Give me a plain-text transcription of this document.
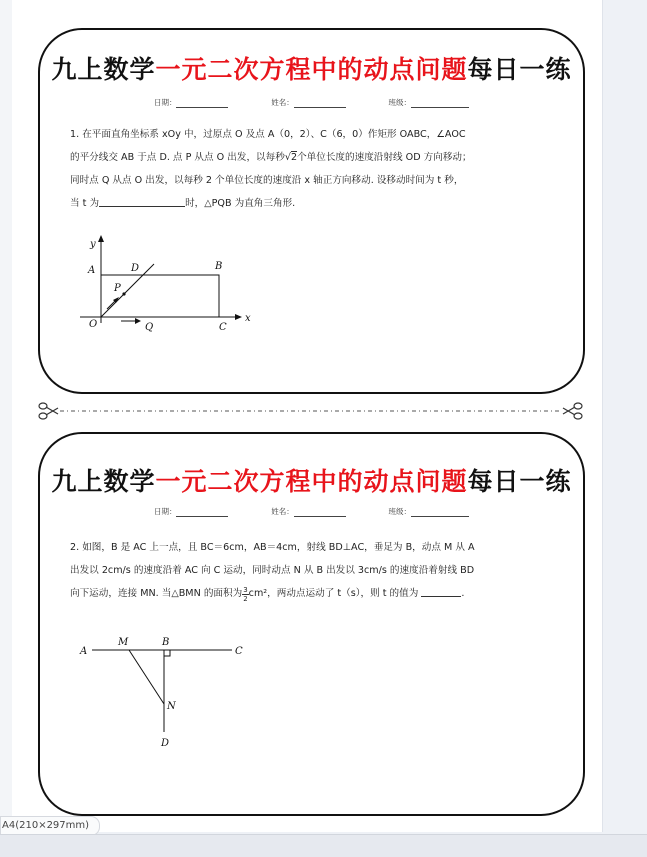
九上数学一元二次方程中的动点问题每日一练
日期：	姓名：	班级：
1. 在平面直角坐标系 xOy 中，过原点 O 及点 A（0，2）、C（6，0）作矩形 OABC，∠AOC
的平分线交 AB 于点 D. 点 P 从点 O 出发，以每秒√2个单位长度的速度沿射线 OD 方向移动；
同时点 Q 从点 O 出发，以每秒 2 个单位长度的速度沿 x 轴正方向移动. 设移动时间为 t 秒，
当 t 为	时，△PQB 为直角三角形.
y
A	D	B
P
O	Q	C
x
九上数学一元二次方程中的动点问题每日一练
日期：	姓名：	班级：
2. 如图，B 是 AC 上一点，且 BC＝6cm，AB＝4cm，射线 BD⊥AC，垂足为 B，动点 M 从 A
出发以 2cm/s 的速度沿着 AC 向 C 运动，同时动点 N 从 B 出发以 3cm/s 的速度沿着射线 BD
向下运动，连接 MN. 当△BMN 的面积为 $\frac{3}{2} cm^2$，两动点运动了 t（s），则 t 的值为	.
A
M	B
C
N
D
A4(210×297mm)
